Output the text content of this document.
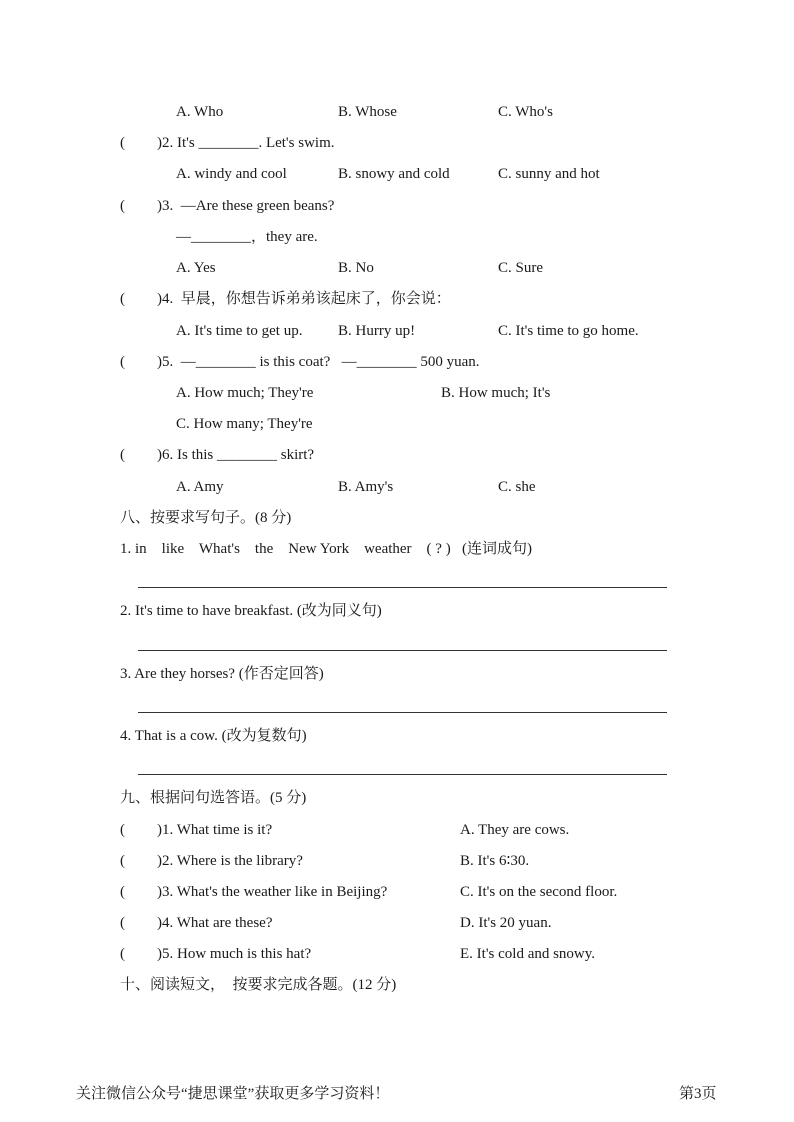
A. Who	B. Whose	C. Who's
( )2. It's ________. Let's swim.
A. windy and cool	B. snowy and cold	C. sunny and hot
( )3.  —Are these green beans?
—________，they are.
A. Yes	B. No	C. Sure
( )4.  早晨，你想告诉弟弟该起床了，你会说：
A. It's time to get up. B. Hurry up!	C. It's time to go home.
( )5.  —________ is this coat?   —________ 500 yuan.
A. How much; They're	B. How much; It's
C. How many; They're
( )6. Is this ________ skirt?
A. Amy	B. Amy's	C. she
八、按要求写句子。(8 分)
1. in    like    What's    the    New York    weather    ( ? )   (连词成句)
2. It's time to have breakfast. (改为同义句)
3. Are they horses? (作否定回答)
4. That is a cow. (改为复数句)
九、根据问句选答语。(5 分)
( )1. What time is it?	A. They are cows.
( )2. Where is the library?	B. It's 6∶30.
( )3. What's the weather like in Beijing?	C. It's on the second floor.
( )4. What are these?	D. It's 20 yuan.
( )5. How much is this hat?	E. It's cold and snowy.
十、阅读短文，  按要求完成各题。(12 分)
关注微信公众号“捷思课堂”获取更多学习资料！	第3页
